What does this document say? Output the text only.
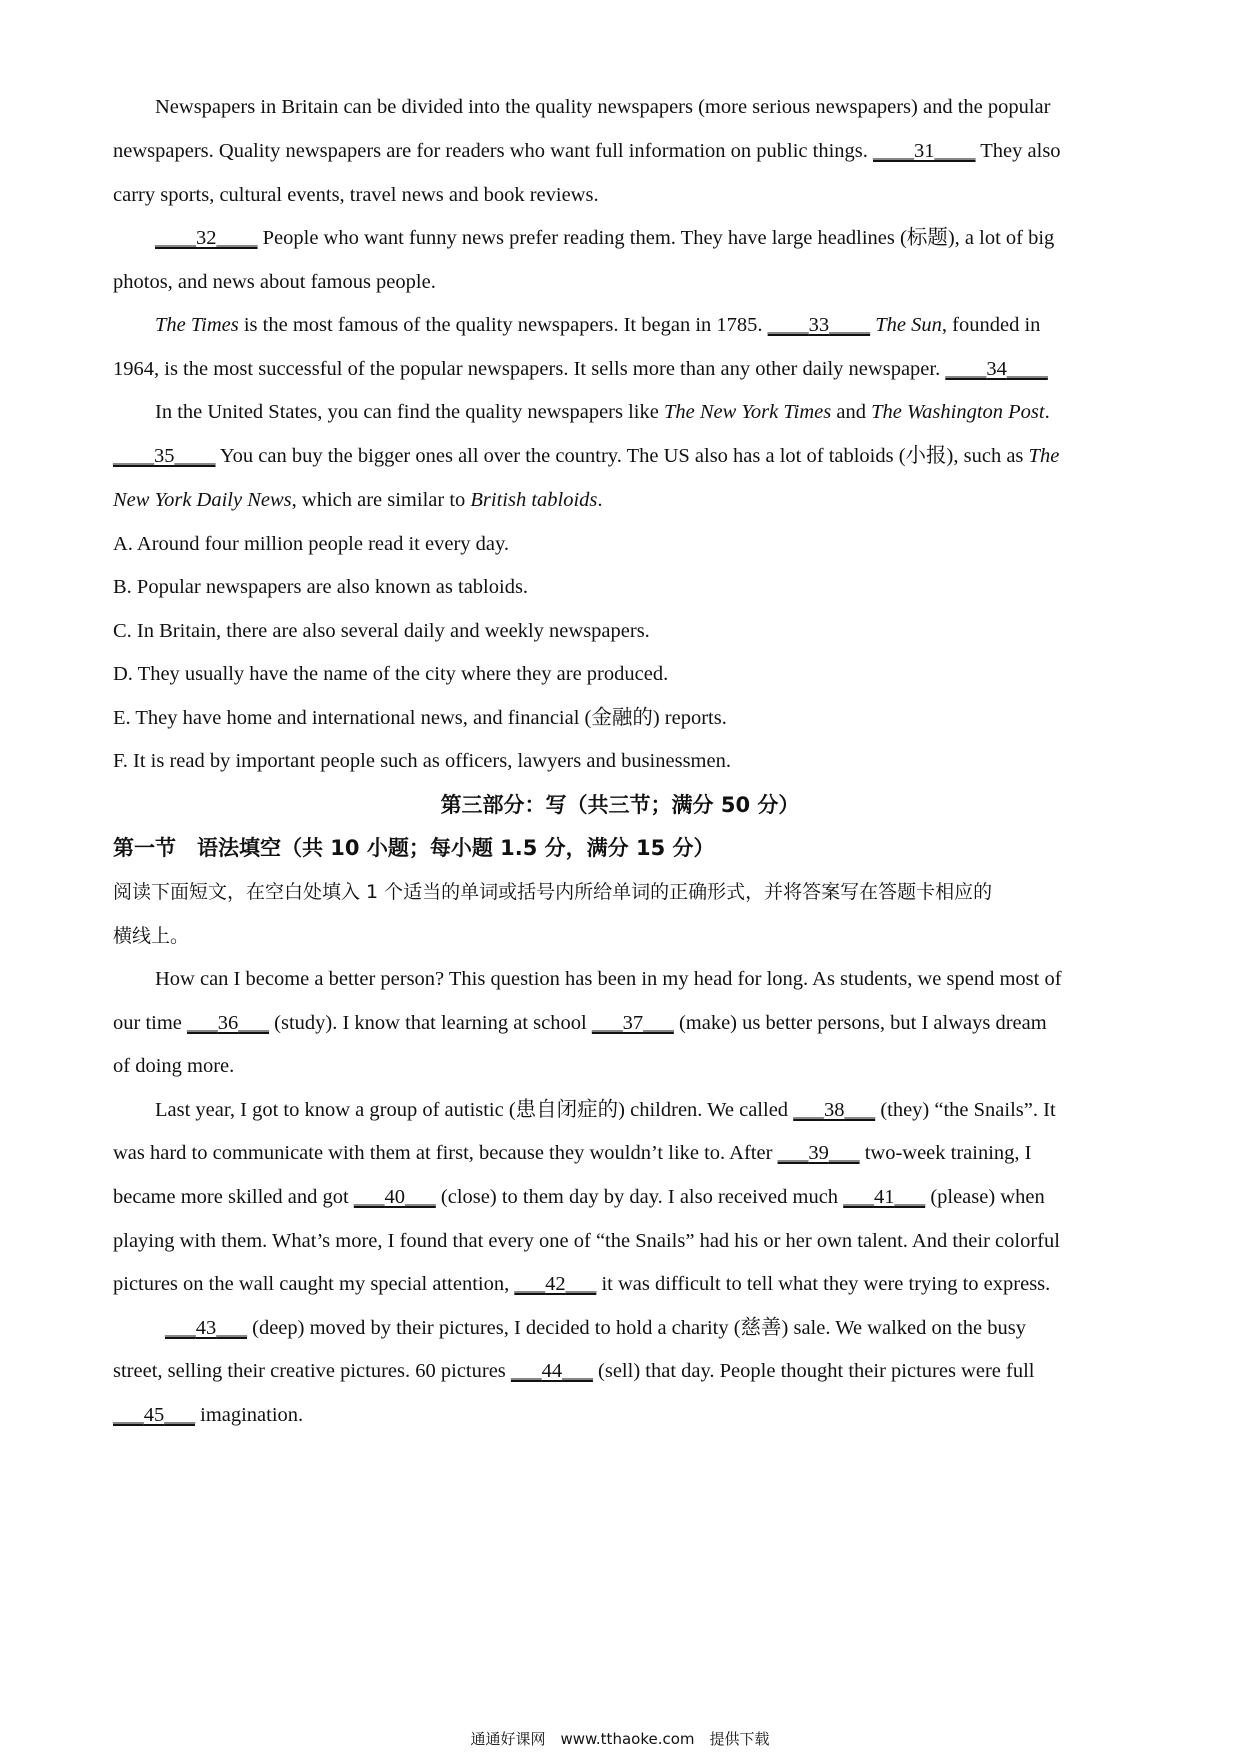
Newspapers in Britain can be divided into the quality newspapers (more serious newspapers) and the popular
newspapers. Quality newspapers are for readers who want full information on public things. ____31____ They also
carry sports, cultural events, travel news and book reviews.
____32____ People who want funny news prefer reading them. They have large headlines (标题), a lot of big
photos, and news about famous people.
The Times is the most famous of the quality newspapers. It began in 1785. ____33____ The Sun, founded in
1964, is the most successful of the popular newspapers. It sells more than any other daily newspaper. ____34____
In the United States, you can find the quality newspapers like The New York Times and The Washington Post.
____35____ You can buy the bigger ones all over the country. The US also has a lot of tabloids (小报), such as The
New York Daily News, which are similar to British tabloids.
A. Around four million people read it every day.
B. Popular newspapers are also known as tabloids.
C. In Britain, there are also several daily and weekly newspapers.
D. They usually have the name of the city where they are produced.
E. They have home and international news, and financial (金融的) reports.
F. It is read by important people such as officers, lawyers and businessmen.
第三部分：写（共三节；满分 50 分）
第一节　语法填空（共 10 小题；每小题 1.5 分，满分 15 分）
阅读下面短文，在空白处填入 1 个适当的单词或括号内所给单词的正确形式，并将答案写在答题卡相应的
横线上。
How can I become a better person? This question has been in my head for long. As students, we spend most of
our time ___36___ (study). I know that learning at school ___37___ (make) us better persons, but I always dream
of doing more.
Last year, I got to know a group of autistic (患自闭症的) children. We called ___38___ (they) “the Snails”. It
was hard to communicate with them at first, because they wouldn’t like to. After ___39___ two-week training, I
became more skilled and got ___40___ (close) to them day by day. I also received much ___41___ (please) when
playing with them. What’s more, I found that every one of “the Snails” had his or her own talent. And their colorful
pictures on the wall caught my special attention, ___42___ it was difficult to tell what they were trying to express.
___43___ (deep) moved by their pictures, I decided to hold a charity (慈善) sale. We walked on the busy
street, selling their creative pictures. 60 pictures ___44___ (sell) that day. People thought their pictures were full
___45___ imagination.
通通好课网　www.tthaoke.com　提供下载
